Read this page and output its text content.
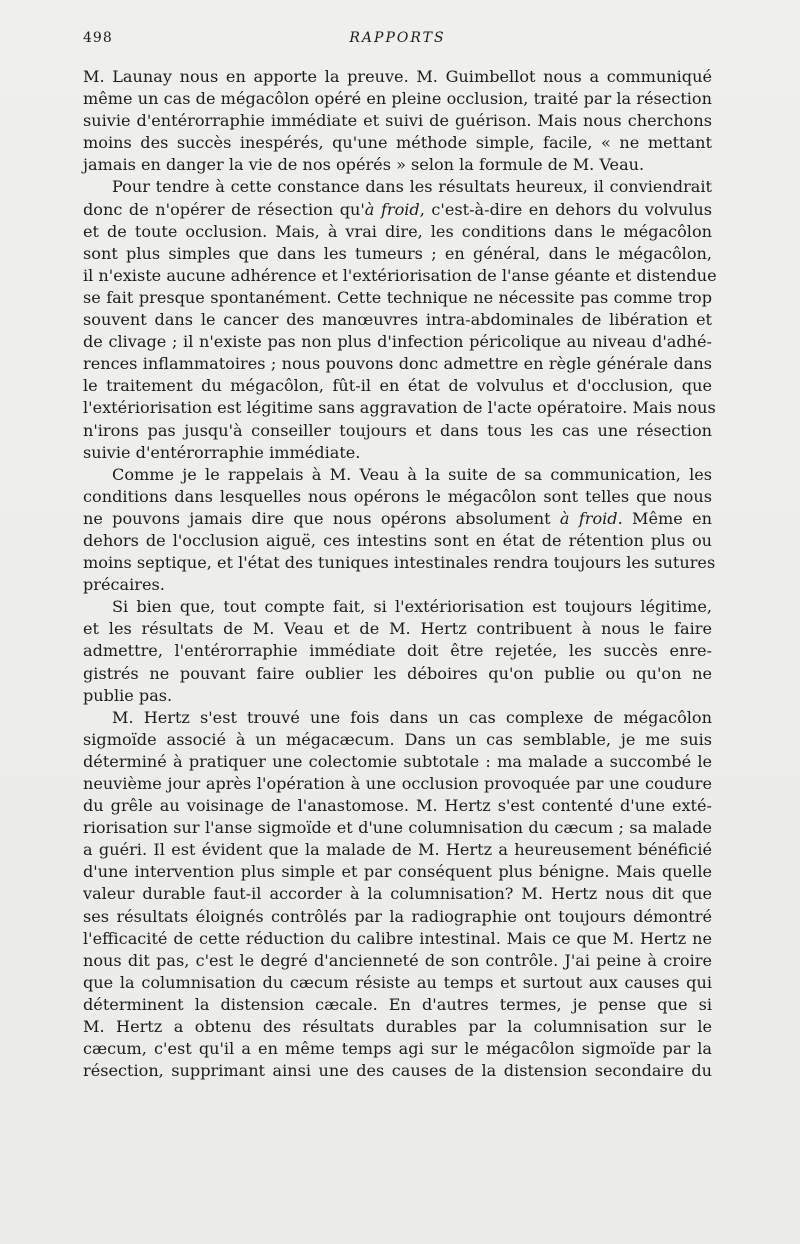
498	RAPPORTS
M. Launay nous en apporte la preuve. M. Guimbellot nous a communiqué
même un cas de mégacôlon opéré en pleine occlusion, traité par la résection
suivie d'entérorraphie immédiate et suivi de guérison. Mais nous cherchons
moins des succès inespérés, qu'une méthode simple, facile, « ne mettant
jamais en danger la vie de nos opérés » selon la formule de M. Veau.
Pour tendre à cette constance dans les résultats heureux, il conviendrait
donc de n'opérer de résection qu'à froid, c'est-à-dire en dehors du volvulus
et de toute occlusion. Mais, à vrai dire, les conditions dans le mégacôlon
sont plus simples que dans les tumeurs ; en général, dans le mégacôlon,
il n'existe aucune adhérence et l'extériorisation de l'anse géante et distendue
se fait presque spontanément. Cette technique ne nécessite pas comme trop
souvent dans le cancer des manœuvres intra-abdominales de libération et
de clivage ; il n'existe pas non plus d'infection péricolique au niveau d'adhé-
rences inflammatoires ; nous pouvons donc admettre en règle générale dans
le traitement du mégacôlon, fût-il en état de volvulus et d'occlusion, que
l'extériorisation est légitime sans aggravation de l'acte opératoire. Mais nous
n'irons pas jusqu'à conseiller toujours et dans tous les cas une résection
suivie d'entérorraphie immédiate.
Comme je le rappelais à M. Veau à la suite de sa communication, les
conditions dans lesquelles nous opérons le mégacôlon sont telles que nous
ne pouvons jamais dire que nous opérons absolument à froid. Même en
dehors de l'occlusion aiguë, ces intestins sont en état de rétention plus ou
moins septique, et l'état des tuniques intestinales rendra toujours les sutures
précaires.
Si bien que, tout compte fait, si l'extériorisation est toujours légitime,
et les résultats de M. Veau et de M. Hertz contribuent à nous le faire
admettre, l'entérorraphie immédiate doit être rejetée, les succès enre-
gistrés ne pouvant faire oublier les déboires qu'on publie ou qu'on ne
publie pas.
M. Hertz s'est trouvé une fois dans un cas complexe de mégacôlon
sigmoïde associé à un mégacæcum. Dans un cas semblable, je me suis
déterminé à pratiquer une colectomie subtotale : ma malade a succombé le
neuvième jour après l'opération à une occlusion provoquée par une coudure
du grêle au voisinage de l'anastomose. M. Hertz s'est contenté d'une exté-
riorisation sur l'anse sigmoïde et d'une columnisation du cæcum ; sa malade
a guéri. Il est évident que la malade de M. Hertz a heureusement bénéficié
d'une intervention plus simple et par conséquent plus bénigne. Mais quelle
valeur durable faut-il accorder à la columnisation? M. Hertz nous dit que
ses résultats éloignés contrôlés par la radiographie ont toujours démontré
l'efficacité de cette réduction du calibre intestinal. Mais ce que M. Hertz ne
nous dit pas, c'est le degré d'ancienneté de son contrôle. J'ai peine à croire
que la columnisation du cæcum résiste au temps et surtout aux causes qui
déterminent la distension cæcale. En d'autres termes, je pense que si
M. Hertz a obtenu des résultats durables par la columnisation sur le
cæcum, c'est qu'il a en même temps agi sur le mégacôlon sigmoïde par la
résection, supprimant ainsi une des causes de la distension secondaire du
